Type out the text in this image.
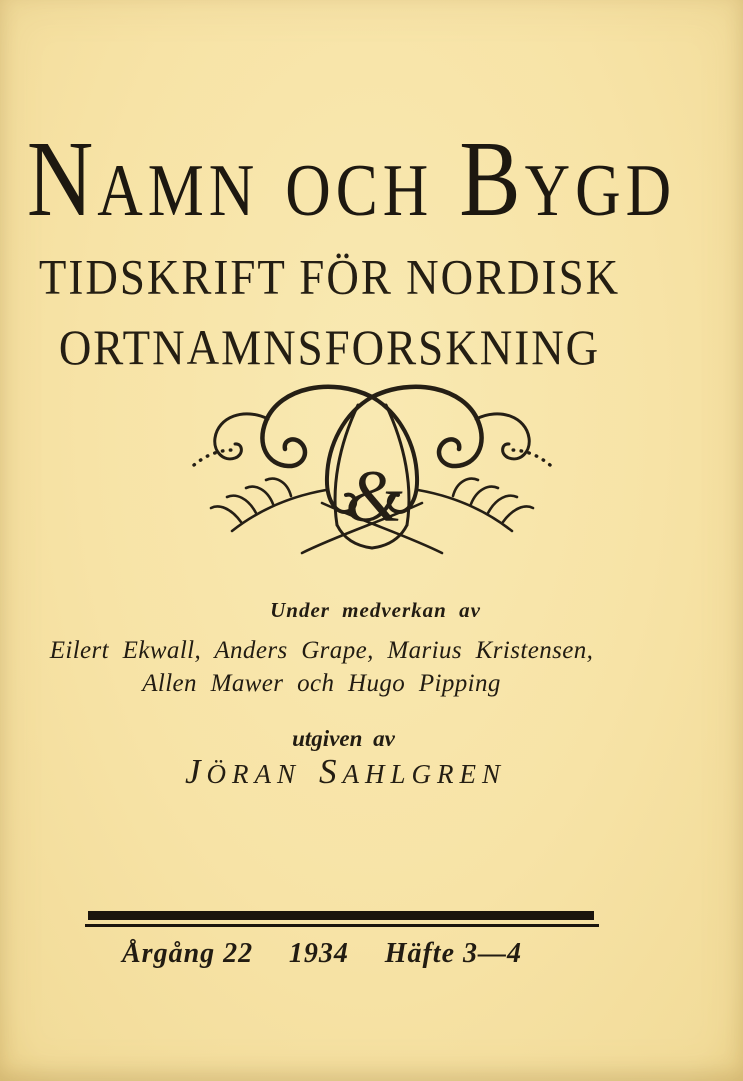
NAMN OCH BYGD
TIDSKRIFT FÖR NORDISK
ORTNAMNSFORSKNING
&
Under medverkan av
Eilert Ekwall, Anders Grape, Marius Kristensen,
Allen Mawer och Hugo Pipping
utgiven av
JÖRAN SAHLGREN
Årgång 22 1934 Häfte 3—4
